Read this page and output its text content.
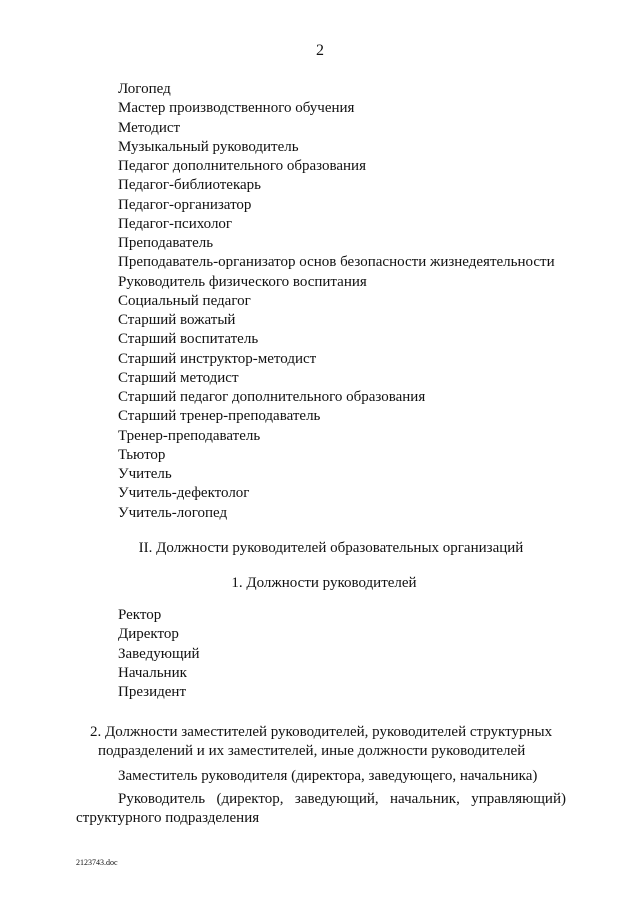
2
Логопед
Мастер производственного обучения
Методист
Музыкальный руководитель
Педагог дополнительного образования
Педагог-библиотекарь
Педагог-организатор
Педагог-психолог
Преподаватель
Преподаватель-организатор основ безопасности жизнедеятельности
Руководитель физического воспитания
Социальный педагог
Старший вожатый
Старший воспитатель
Старший инструктор-методист
Старший методист
Старший педагог дополнительного образования
Старший тренер-преподаватель
Тренер-преподаватель
Тьютор
Учитель
Учитель-дефектолог
Учитель-логопед
II. Должности руководителей образовательных организаций
1. Должности руководителей
Ректор
Директор
Заведующий
Начальник
Президент
2. Должности заместителей руководителей, руководителей структурных
подразделений и их заместителей, иные должности руководителей
Заместитель руководителя (директора, заведующего, начальника)
Руководитель (директор, заведующий, начальник, управляющий)
структурного подразделения
2123743.doc
